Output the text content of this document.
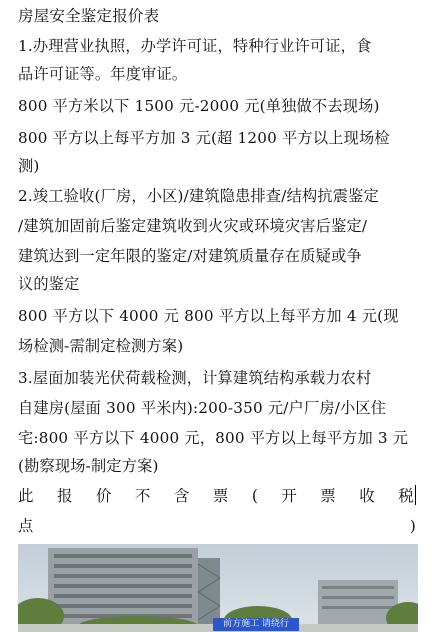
房屋安全鉴定报价表
1.办理营业执照，办学许可证，特种行业许可证，食
品许可证等。年度审证。
800 平方米以下 1500 元-2000 元(单独做不去现场)
800 平方以上每平方加 3 元(超 1200 平方以上现场检
测)
2.竣工验收(厂房，小区)/建筑隐患排查/结构抗震鉴定
/建筑加固前后鉴定建筑收到火灾或环境灾害后鉴定/
建筑达到一定年限的鉴定/对建筑质量存在质疑或争
议的鉴定
800 平方以下 4000 元 800 平方以上每平方加 4 元(现
场检测-需制定检测方案)
3.屋面加装光伏荷载检测，计算建筑结构承载力农村
自建房(屋面 300 平米内):200-350 元/户厂房/小区住
宅:800 平方以下 4000 元，800 平方以上每平方加 3 元
(勘察现场-制定方案)
此 报 价 不 含 票 ( 开 票 收 税
点	)
前方施工 请绕行
